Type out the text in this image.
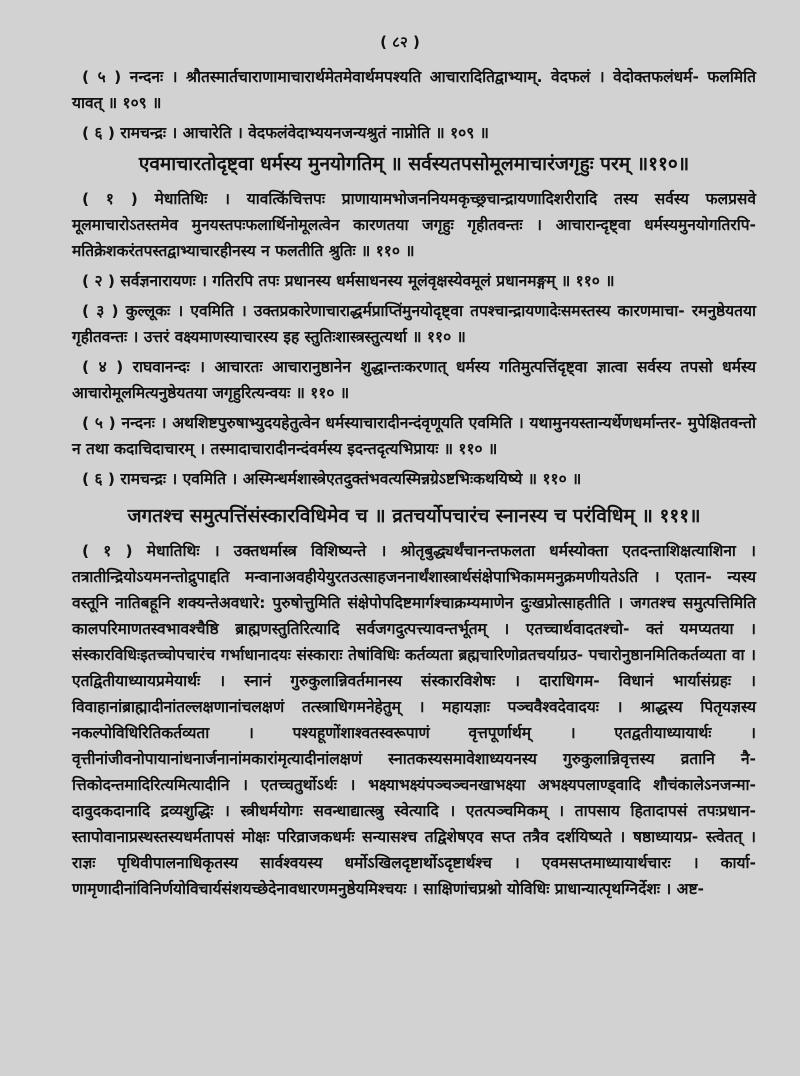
( ८२ )

( ५ ) नन्दनः । श्रौतस्मार्तचाराणामाचारार्थमेतमेवार्थमपश्यति आचारादितिद्वाभ्याम्. वेदफलं । वेदोक्तफलंधर्म- फलमिति यावत् ॥ १०९ ॥

( ६ ) रामचन्द्रः । आचारेति । वेदफलंवेदाभ्ययनजन्यश्रुतं नाप्नोति ॥ १०९ ॥

एवमाचारतोदृष्ट्वा धर्मस्य मुनयोगतिम् ॥ सर्वस्यतपसोमूलमाचारंजगृहुः परम् ॥११०॥

( १ ) मेधातिथिः । यावत्किंचित्तपः प्राणायामभोजननियमकृच्छ्रचान्द्रायणादिशरीरादि तस्य सर्वस्य फलप्रसवे मूलमाचारोऽतस्तमेव मुनयस्तपःफलार्थिनोमूलत्वेन कारणतया जगृहुः गृहीतवन्तः । आचारान्दृष्ट्वा धर्मस्यमुनयोगतिरपि- मतिक्रेशकरंतपस्तद्वाभ्याचारहीनस्य न फलतीति श्रुतिः ॥ ११० ॥

( २ ) सर्वज्ञनारायणः । गतिरपि तपः प्रधानस्य धर्मसाधनस्य मूलंवृक्षस्येवमूलं प्रधानमङ्गम् ॥ ११० ॥

( ३ ) कुल्लूकः । एवमिति । उक्तप्रकारेणाचाराद्धर्मप्राप्तिंमुनयोदृष्ट्वा तपश्चान्द्रायणादेःसमस्तस्य कारणमाचा- रमनुष्ठेयतया गृहीतवन्तः । उत्तरं वक्ष्यमाणस्याचारस्य इह स्तुतिःशास्त्रस्तुत्यर्था ॥ ११० ॥

( ४ ) राघवानन्दः । आचारतः आचारानुष्ठानेन शुद्धान्तःकरणात् धर्मस्य गतिमुत्पत्तिंदृष्ट्वा ज्ञात्वा सर्वस्य तपसो धर्मस्य आचारोमूलमित्यनुष्ठेयतया जगृहुरित्यन्वयः ॥ ११० ॥

( ५ ) नन्दनः । अथशिष्टपुरुषाभ्युदयहेतुत्वेन धर्मस्याचारादीनन्दंवृणूयति एवमिति । यथामुनयस्तान्यर्थेणधर्मान्तर- मुपेक्षितवन्तो न तथा कदाचिदाचारम् । तस्मादाचारादीनन्दंवर्मस्य इदन्तदृत्यभिप्रायः ॥ ११० ॥

( ६ ) रामचन्द्रः । एवमिति । अस्मिन्धर्मशास्त्रेएतदुक्तंभवत्यस्मिन्नग्रेऽष्टभिःकथयिष्ये ॥ ११० ॥

जगतश्च समुत्पत्तिंसंस्कारविधिमेव च ॥ व्रतचर्योपचारंच स्नानस्य च परंविधिम् ॥ १११॥

( १ ) मेधातिथिः । उक्तधर्मास्त्र विशिष्यन्ते । श्रोतृबुद्ध्यर्थंचानन्तफलता धर्मस्योक्ता एतदन्ताशिक्षत्याशिना । तत्रातीन्द्रियोऽयमनन्तोद्रुपाद्दति मन्वानाअवहीयेयुरतउत्साहजननार्थंशास्त्रार्थसंक्षेपाभिकाममनुक्रमणीयतेऽति । एतान- न्यस्य वस्तूनि नातिबहूनि शक्यन्तेअवधारे: पुरुषोत्तुमिति संक्षेपोपदिष्टमार्गश्चाक्रम्यमाणेन दुःखप्रोत्साहतीति । जगतश्च समुत्पत्तिमिति कालपरिमाणतस्वभावश्चैष्ठि ब्राह्मणस्तुतिरित्यादि सर्वजगदुत्पत्त्यावन्तर्भूतम् । एतच्चार्थवादतश्चो- क्तं यमप्यतया । संस्कारविधिःइतच्चोपचारंच गर्भाधानादयः संस्काराः तेषांविधिः कर्तव्यता ब्रह्मचारिणोव्रतचर्याग्रउ- पचारोनुष्ठानमितिकर्तव्यता वा । एतद्वितीयाध्यायप्रमेयार्थः । स्नानं गुरुकुलान्निवर्तमानस्य संस्कारविशेषः । दाराधिगम- विधानं भार्यासंग्रहः । विवाहानांब्राह्मादीनांतल्लक्षणानांचलक्षणं तत्स्त्राधिगमनेहेतुम् । महायज्ञाः पञ्चवैश्वदेवादयः । श्राद्धस्य पितृयज्ञस्य नकल्पोविधिरितिकर्तव्यता । पश्यहूणोंशाश्वतस्वरूपाणं वृत्तपूर्णार्थम् । एतद्वतीयाध्यायार्थः । वृत्तीनांजीवनोपायानांधनार्जनानांमकारांमृत्यादीनांलक्षणं स्नातकस्यसमावेशाध्ययनस्य गुरुकुलान्निवृत्तस्य व्रतानि नै- त्तिकोदन्तमादिरित्यमित्यादीनि । एतच्चतुर्थोऽर्थः । भक्ष्याभक्ष्यंपञ्चञ्चनखाभक्ष्या अभक्ष्यपलाण्ड्वादि शौचंकालेऽनजन्मा- दावुदकदानादि द्रव्यशुद्धिः । स्त्रीधर्मयोगः सवन्धाद्यात्स्त्रु स्वेत्यादि । एतत्पञ्चमिकम् । तापसाय हितादापसं तपःप्रधान- स्तापोवानाप्रस्थस्तस्यधर्मतापसं मोक्षः परिव्राजकधर्मः सन्यासश्च तद्विशेषएव सप्त तत्रैव दर्शयिष्यते । षष्ठाध्यायप्र- स्त्वेतत् । राज्ञः पृथिवीपालनाधिकृतस्य सार्वश्वयस्य धर्मोऽखिलदृष्टार्थोऽदृष्टार्थश्च । एवमसप्तमाध्यायार्थचारः । कार्या- णामृणादीनांविनिर्णयोविचार्यसंशयच्छेदेनावधारणमनुष्ठेयमिश्चयः । साक्षिणांचप्रश्नो योविधिः प्राधान्यात्पृथग्निर्देशः । अष्ट-
